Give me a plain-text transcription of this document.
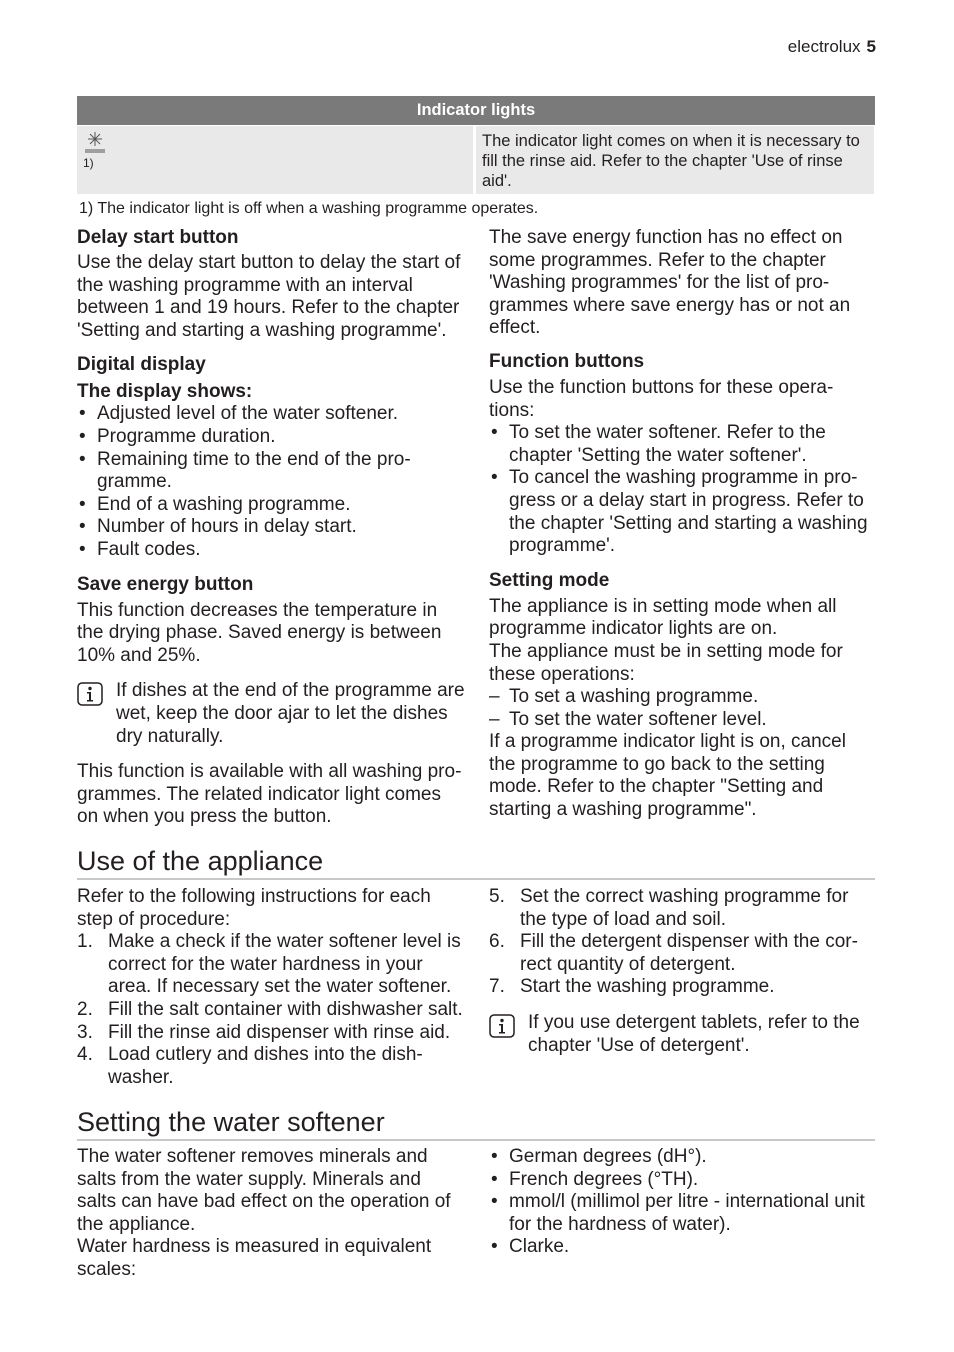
electrolux 5
Indicator lights
1)
The indicator light comes on when it is necessary to fill the rinse aid. Refer to the chapter 'Use of rinse aid'.
1) The indicator light is off when a washing programme operates.
Delay start button

Use the delay start button to delay the start of the washing programme with an interval between 1 and 19 hours. Refer to the chapter 'Setting and starting a washing programme'.

Digital display
The display shows:
• Adjusted level of the water softener.
• Programme duration.
• Remaining time to the end of the pro-gramme.
• End of a washing programme.
• Number of hours in delay start.
• Fault codes.
Save energy button

This function decreases the temperature in the drying phase. Saved energy is between 10% and 25%.

If dishes at the end of the programme are wet, keep the door ajar to let the dishes dry naturally.

This function is available with all washing pro-grammes. The related indicator light comes on when you press the button.

The save energy function has no effect on some programmes. Refer to the chapter 'Washing programmes' for the list of pro-grammes where save energy has or not an effect.

Function buttons

Use the function buttons for these opera-tions:

• To set the water softener. Refer to the chapter 'Setting the water softener'.
• To cancel the washing programme in pro-gress or a delay start in progress. Refer to the chapter 'Setting and starting a washing programme'.
Setting mode

The appliance is in setting mode when all programme indicator lights are on.

The appliance must be in setting mode for these operations:

– To set a washing programme.
– To set the water softener level.

If a programme indicator light is on, cancel the programme to go back to the setting mode. Refer to the chapter "Setting and starting a washing programme".

Use of the appliance

Refer to the following instructions for each step of procedure:

1. Make a check if the water softener level is correct for the water hardness in your area. If necessary set the water softener.
2. Fill the salt container with dishwasher salt.
3. Fill the rinse aid dispenser with rinse aid.
4. Load cutlery and dishes into the dish-washer.
5. Set the correct washing programme for the type of load and soil.
6. Fill the detergent dispenser with the cor-rect quantity of detergent.
7. Start the washing programme.

If you use detergent tablets, refer to the chapter 'Use of detergent'.

Setting the water softener

The water softener removes minerals and salts from the water supply. Minerals and salts can have bad effect on the operation of the appliance.

Water hardness is measured in equivalent scales:

• German degrees (dH°).
• French degrees (°TH).
• mmol/l (millimol per litre - international unit for the hardness of water).
• Clarke.
